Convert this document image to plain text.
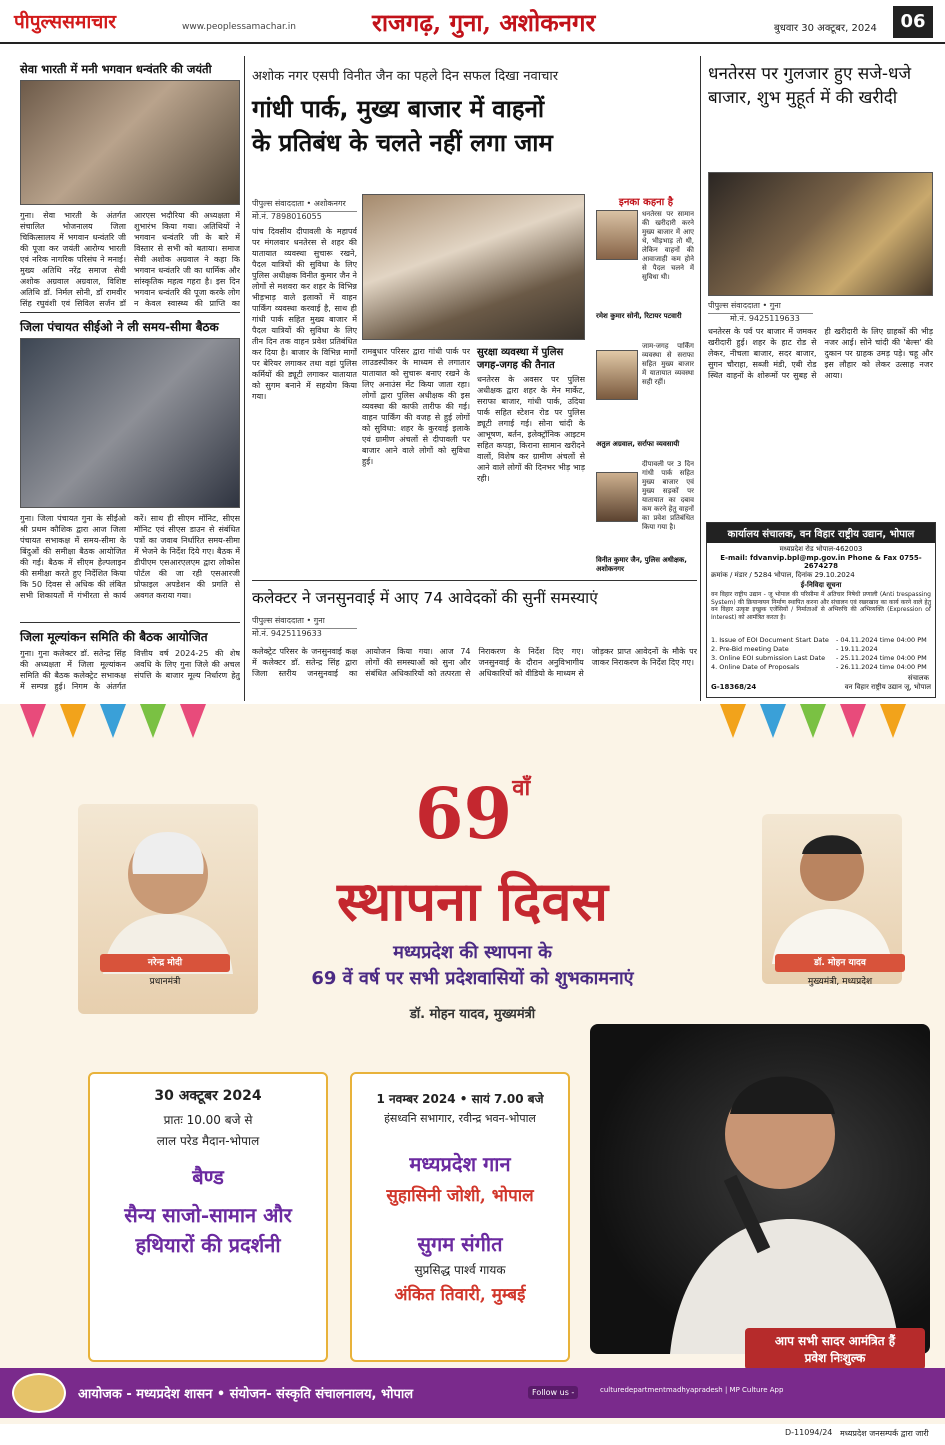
पीपुल्ससमाचार	www.peoplessamachar.in	राजगढ़, गुना, अशोकनगर	बुधवार 30 अक्टूबर, 2024	06
सेवा भारती में मनी भगवान धन्वंतरि की जयंती
गुना। सेवा भारती के अंतर्गत संचालित भोजनालय जिला चिकित्सालय में भगवान धन्वंतरि जी की पूजा कर जयंती आरोग्य भारती एवं नरिक नागरिक परिसंघ ने मनाई। मुख्य अतिथि नरेंद्र समाज सेवी अशोक अग्रवाल अग्रवाल, विशिष्ट अतिथि डॉ. निर्मल सोनी, डॉ रामवीर सिंह रघुवंशी एवं सिविल सर्जन डॉ आरएस भदौरिया की अध्यक्षता में शुभारंभ किया गया। अतिथियों ने भगवान धन्वंतरि जी के बारे में विस्तार से सभी को बताया। समाज सेवी अशोक अग्रवाल ने कहा कि भगवान धन्वंतरि जी का धार्मिक और सांस्कृतिक महत्व गहरा है। इस दिन भगवान धन्वंतरि की पूजा करके लोग न केवल स्वास्थ्य की प्राप्ति का
जिला पंचायत सीईओ ने ली समय-सीमा बैठक
गुना। जिला पंचायत गुना के सीईओ श्री प्रथम कौशिक द्वारा आज जिला पंचायत सभाकक्ष में समय-सीमा के बिंदुओं की समीक्षा बैठक आयोजित की गई। बैठक में सीएम हेल्पलाइन की समीक्षा करते हुए निर्देशित किया कि 50 दिवस से अधिक की लंबित सभी शिकायतों में गंभीरता से कार्य करें। साथ ही सीएम मॉनिट, सीएस मॉनिट एवं सीएस डाउन से संबंधित पत्रों का जवाब निर्धारित समय-सीमा में भेजने के निर्देश दिये गए। बैठक में डीपीएम एसआरएलएम द्वारा लोकोस पोर्टल की जा रही एसआरजी प्रोफाइल अपडेशन की प्रगति से अवगत कराया गया।
जिला मूल्यांकन समिति की बैठक आयोजित
गुना। गुना कलेक्टर डॉ. सतेन्द्र सिंह की अध्यक्षता में जिला मूल्यांकन समिति की बैठक कलेक्ट्रेट सभाकक्ष में सम्पन्न हुई। निगम के अंतर्गत वित्तीय वर्ष 2024-25 की शेष अवधि के लिए गुना जिले की अचल संपत्ति के बाजार मूल्य निर्धारण हेतु
अशोक नगर एसपी विनीत जैन का पहले दिन सफल दिखा नवाचार
गांधी पार्क, मुख्य बाजार में वाहनों
के प्रतिबंध के चलते नहीं लगा जाम
पीपुल्स संवाददाता • अशोकनगर
मो.नं. 7898016055
पांच दिवसीय दीपावली के महापर्व पर मंगलवार धनतेरस से शहर की यातायात व्यवस्था सुचारू रखने, पैदल यात्रियों की सुविधा के लिए पुलिस अधीक्षक विनीत कुमार जैन ने लोगों से मशवरा कर शहर के विभिन्न भीड़भाड़ वाले इलाकों में वाहन पार्किंग व्यवस्था करवाई है, साथ ही गांधी पार्क सहित मुख्य बाजार में पैदल यात्रियों की सुविधा के लिए तीन दिन तक वाहन प्रवेश प्रतिबंधित कर दिया है। बाजार के विभिन्न मार्गों पर बेरियर लगाकर तथा वहां पुलिस कर्मियों की ड्यूटी लगाकर यातायात को सुगम बनाने में सहयोग किया गया।
रामबुधार परिसर द्वारा गांधी पार्क पर लाउडस्पीकर के माध्यम से लगातार यातायात को सुचारू बनाए रखने के लिए अनाउंस मेंट किया जाता रहा। लोगों द्वारा पुलिस अधीक्षक की इस व्यवस्था की काफी तारीफ की गई। वाहन पार्किंग की वजह से हुई लोगों को सुविधा: शहर के कुरवाई इलाके एवं ग्रामीण अंचलों से दीपावली पर बाजार आने वाले लोगों को सुविधा हुई।
सुरक्षा व्यवस्था में पुलिस जगह-जगह की तैनात
धनतेरस के अवसर पर पुलिस अधीक्षक द्वारा शहर के मेन मार्केट, सराफा बाजार, गांधी पार्क, उदिया पार्क सहित स्टेशन रोड पर पुलिस ड्यूटी लगाई गई। सोना चांदी के आभूषण, बर्तन, इलेक्ट्रॉनिक आइटम सहित कपड़ा, किराना सामान खरीदने वालों, विशेष कर ग्रामीण अंचलों से आने वाले लोगों की दिनभर भीड़ भाड़ रही।
इनका कहना है
धनतेरस पर सामान की खरीदारी करने मुख्य बाजार में आए थे, भीड़भाड़ तो थी, लेकिन वाहनों की आवाजाही कम होने से पैदल चलने में सुविधा थी।
रमेश कुमार सोनी, रिटायर पटवारी
जाम-जगह पार्किंग व्यवस्था से सराफा सहित मुख्य बाजार में यातायात व्यवस्था सही रहीं।
अतुल अग्रवाल, सर्राफा व्यवसायी
दीपावली पर 3 दिन गांधी पार्क सहित मुख्य बाजार एवं मुख्य सड़कों पर यातायात का दबाव कम करने हेतु वाहनों का प्रवेश प्रतिबंधित किया गया है।
विनीत कुमार जैन, पुलिस अधीक्षक, अशोकनगर
कलेक्टर ने जनसुनवाई में आए 74 आवेदकों की सुनीं समस्याएं
पीपुल्स संवाददाता • गुना
मो.नं. 9425119633
कलेक्ट्रेट परिसर के जनसुनवाई कक्ष में कलेक्टर डॉ. सतेन्द्र सिंह द्वारा जिला स्तरीय जनसुनवाई का आयोजन किया गया। आज 74 लोगों की समस्याओं को सुना और संबंधित अधिकारियों को तत्परता से निराकरण के निर्देश दिए गए। जनसुनवाई के दौरान अनुविभागीय अधिकारियों को वीडियो के माध्यम से जोड़कर प्राप्त आवेदनों के मौके पर जाकर निराकरण के निर्देश दिए गए।
धनतेरस पर गुलजार हुए सजे-धजे बाजार, शुभ मुहूर्त में की खरीदी
पीपुल्स संवाददाता • गुना
मो.नं. 9425119633
धनतेरस के पर्व पर बाजार में जमकर खरीदारी हुई। शहर के हाट रोड से लेकर, नीचला बाजार, सदर बाजार, सुगन चौराहा, सब्जी मंडी, एबी रोड स्थित वाहनों के शोरूमों पर सुबह से ही खरीदारी के लिए ग्राहकों की भीड़ नजर आई। सोने चांदी की 'बेल्स' की दुकान पर ग्राहक उमड़ पड़े। चहू और इस लौहार को लेकर उत्साह नजर आया।
कार्यालय संचालक, वन विहार राष्ट्रीय उद्यान, भोपाल
मध्यप्रदेश रोड भोपाल-462003
E-mail: fdvanvip.bpl@mp.gov.in Phone & Fax 0755-2674278
क्रमांक / मंडार / 5284 भोपाल, दिनांक 29.10.2024
ई-निविदा सूचना
वन विहार राष्ट्रीय उद्यान - जू भोपाल की परिसीमा में अतिचार निषेधी प्रणाली (Anti trespassing System) की क्रियान्वयन निर्माण स्थापित करना और संचालन एवं रखरखाव का कार्य करने वाले हेतु वन विहार उत्कृष्ट इच्छुक एजेंसियों / निर्माताओं से अभिरुचि की अभिव्यक्ति (Expression of Interest) को आमंत्रित करता है।
1. Issue of EOI Document Start Date	- 04.11.2024 time 04:00 PM
2. Pre-Bid meeting Date	- 19.11.2024
3. Online EOI submission Last Date	- 25.11.2024 time 04:00 PM
4. Online Date of Proposals	- 26.11.2024 time 04:00 PM
संचालक
G-18368/24	वन विहार राष्ट्रीय उद्यान जू, भोपाल
नरेन्द्र मोदी
प्रधानमंत्री
डॉ. मोहन यादव
मुख्यमंत्री, मध्यप्रदेश
69वाँ
स्थापना दिवस
मध्यप्रदेश की स्थापना के
69 वें वर्ष पर सभी प्रदेशवासियों को शुभकामनाएं
डॉ. मोहन यादव, मुख्यमंत्री
30 अक्टूबर 2024
प्रातः 10.00 बजे से
लाल परेड मैदान-भोपाल
बैण्ड
सैन्य साजो-सामान और हथियारों की प्रदर्शनी
1 नवम्बर 2024 • सायं 7.00 बजे
हंसध्वनि सभागार, रवीन्द्र भवन-भोपाल
मध्यप्रदेश गान
सुहासिनी जोशी, भोपाल
सुगम संगीत
सुप्रसिद्ध पार्श्व गायक
अंकित तिवारी, मुम्बई
आप सभी सादर आमंत्रित हैं
प्रवेश निःशुल्क
आयोजक - मध्यप्रदेश शासन • संयोजन- संस्कृति संचालनालय, भोपाल	Follow us -	culturedepartmentmadhyapradesh | MP Culture App
D-11094/24 मध्यप्रदेश जनसम्पर्क द्वारा जारी
